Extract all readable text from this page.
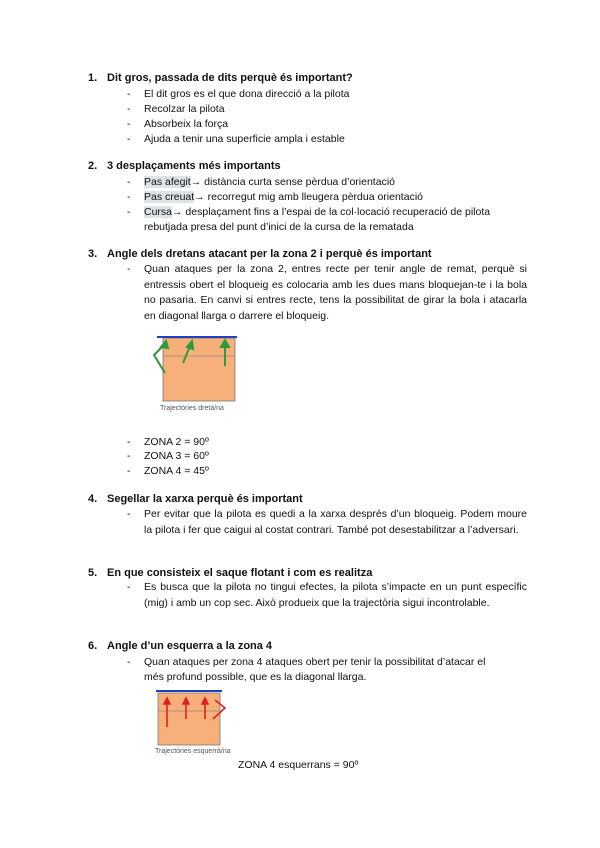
1. Dit gros, passada de dits perquè és important?
- El dit gros es el que dona direcció a la pilota
- Recolzar la pilota
- Absorbeix la força
- Ajuda a tenir una superficie ampla i estable
2. 3 desplaçaments més importants
- Pas afegit→ distància curta sense pèrdua d’orientació
- Pas creuat→ recorregut mig amb lleugera pèrdua orientació
- Cursa→ desplaçament fins a l’espai de la col·locació recuperació de pilota
rebutjada presa del punt d’inici de la cursa de la rematada
3. Angle dels dretans atacant per la zona 2 i perquè és important
- Quan ataques per la zona 2, entres recte per tenir angle de remat, perquè si entressis obert el bloqueig es colocaria amb les dues mans bloquejan-te i la bola no pasaria. En canvi si entres recte, tens la possibilitat de girar la bola i atacarla en diagonal llarga o darrere el bloqueig.
Trajectòries dretà/na
- ZONA 2 = 90º
- ZONA 3 = 60º
- ZONA 4 = 45º
4. Segellar la xarxa perquè és important
- Per evitar que la pilota es quedi a la xarxa després d’un bloqueig. Podem moure la pilota i fer que caigui al costat contrari. També pot desestabilitzar a l’adversari.
5. En que consisteix el saque flotant i com es realitza
- Es busca que la pilota no tingui efectes, la pilota s’impacte en un punt específic (mig) i amb un cop sec. Això produeix que la trajectòria sigui incontrolable.
6. Angle d’un esquerra a la zona 4
- Quan ataques per zona 4 ataques obert per tenir la possibilitat d’atacar el
més profund possible, que es la diagonal llarga.
Trajectòries esquerrà/na
ZONA 4 esquerrans = 90º
